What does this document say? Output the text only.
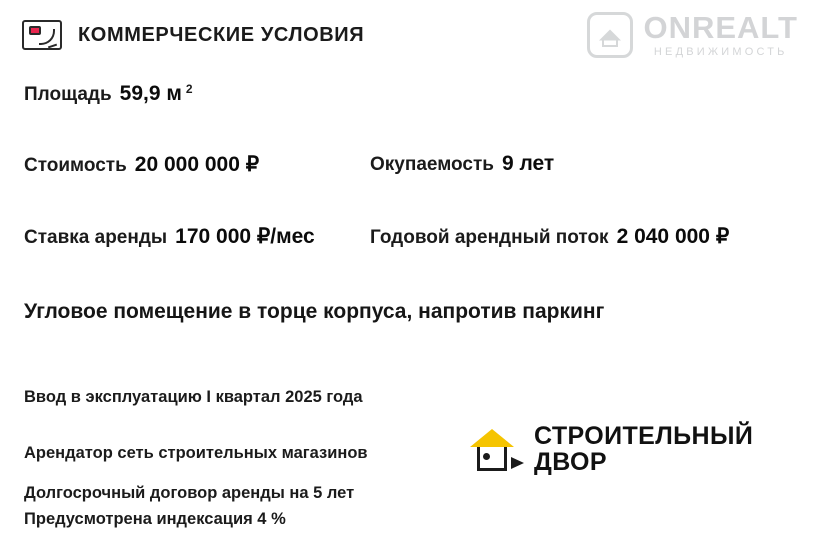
КОММЕРЧЕСКИЕ УСЛОВИЯ	ONREALT
НЕДВИЖИМОСТЬ
Площадь 59,9 м 2
Стоимость 20 000 000 ₽	Окупаемость 9 лет
Ставка аренды 170 000 ₽/мес	Годовой арендный поток 2 040 000 ₽
Угловое помещение в торце корпуса, напротив паркинг
Ввод в эксплуатацию I квартал 2025 года
Арендатор сеть строительных магазинов
Долгосрочный договор аренды на 5 лет
Предусмотрена индексация 4 %
СТРОИТЕЛЬНЫЙ
ДВОР
